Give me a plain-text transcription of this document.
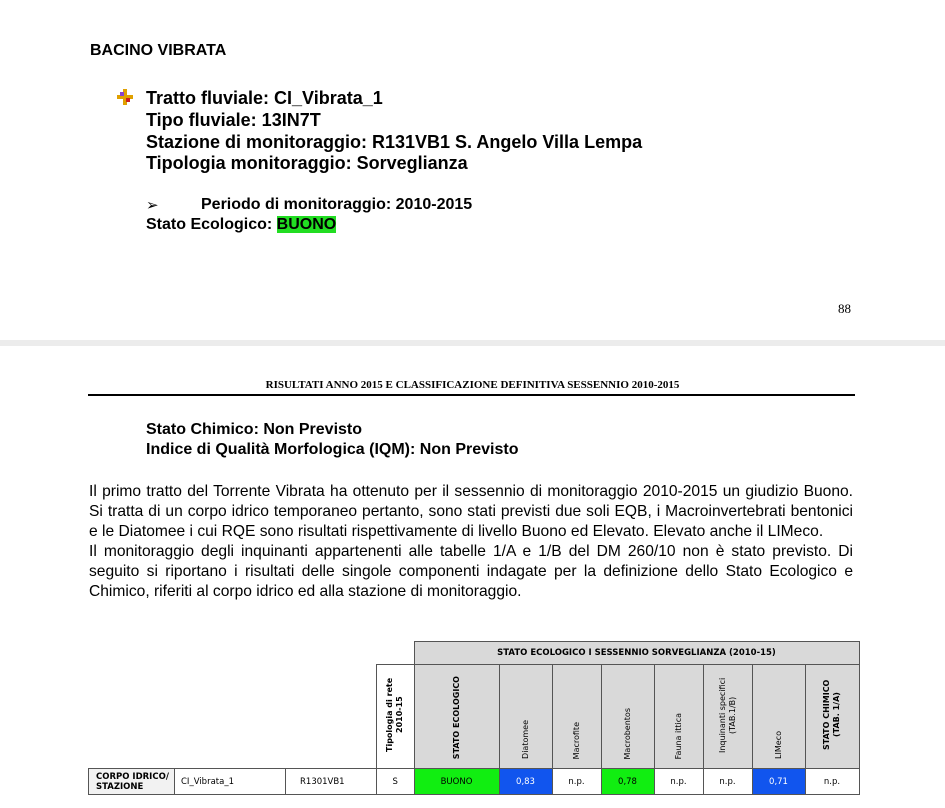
BACINO VIBRATA
Tratto fluviale: CI_Vibrata_1
Tipo fluviale: 13IN7T
Stazione di monitoraggio: R131VB1 S. Angelo Villa Lempa
Tipologia monitoraggio: Sorveglianza
➢	Periodo di monitoraggio: 2010-2015
Stato Ecologico: BUONO
88
RISULTATI ANNO 2015 E CLASSIFICAZIONE DEFINITIVA SESSENNIO 2010-2015
Stato Chimico: Non Previsto
Indice di Qualità Morfologica (IQM): Non Previsto

Il primo tratto del Torrente Vibrata ha ottenuto per il sessennio di monitoraggio 2010-2015 un giudizio Buono. Si tratta di un corpo idrico temporaneo pertanto, sono stati previsti due soli EQB, i Macroinvertebrati bentonici e le Diatomee i cui RQE sono risultati rispettivamente di livello Buono ed Elevato. Elevato anche il LIMeco.

Il monitoraggio degli inquinanti appartenenti alle tabelle 1/A e 1/B del DM 260/10 non è stato previsto. Di seguito si riportano i risultati delle singole componenti indagate per la definizione dello Stato Ecologico e Chimico, riferiti al corpo idrico ed alla stazione di monitoraggio.

				STATO ECOLOGICO I SESSENNIO SORVEGLIANZA (2010-15)							
			Tipologia di rete 2010-15	STATO ECOLOGICO	Diatomee	Macrofite	Macrobentos	Fauna ittica	Inquinanti specifici (TAB.1/B)	LIMeco	STATO CHIMICO (TAB. 1/A)
CORPO IDRICO/ STAZIONE	CI_Vibrata_1	R1301VB1	S	BUONO	0,83	n.p.	0,78	n.p.	n.p.	0,71	n.p.
